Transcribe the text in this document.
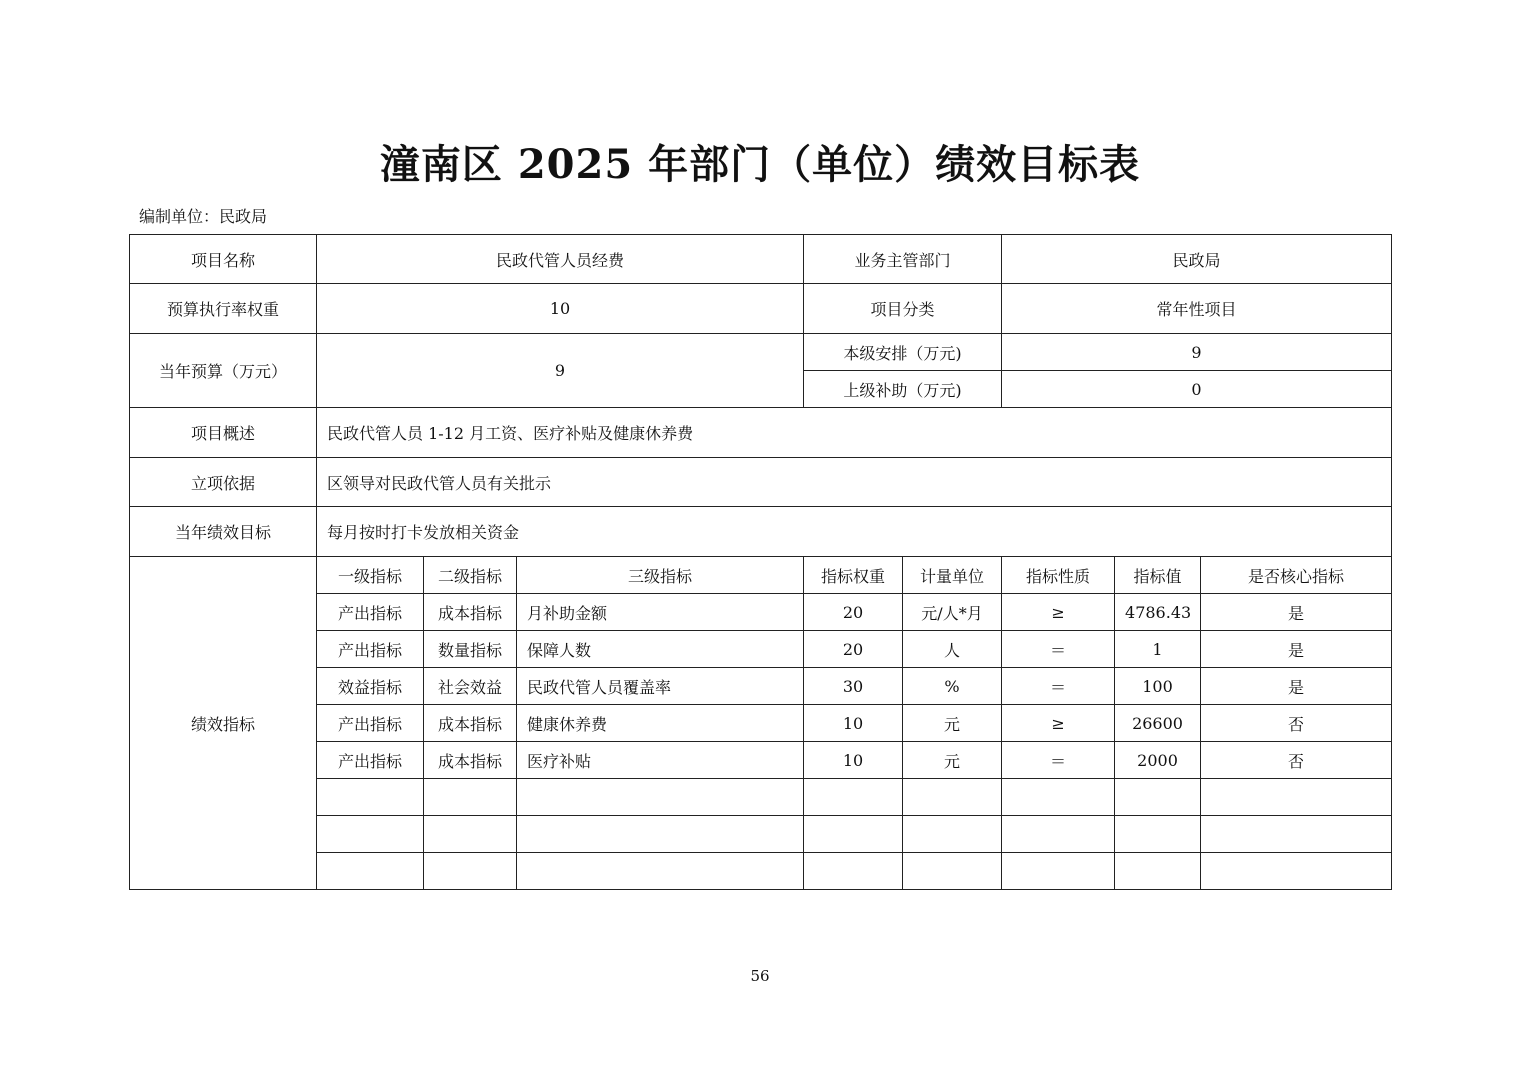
潼南区 2025 年部门（单位）绩效目标表
编制单位：民政局
项目名称	民政代管人员经费			业务主管部门		民政局		
预算执行率权重	10			项目分类		常年性项目		
当年预算（万元）	9			本级安排（万元)		9		
				上级补助（万元)		0		
项目概述	民政代管人员 1-12 月工资、医疗补贴及健康休养费							
立项依据	区领导对民政代管人员有关批示							
当年绩效目标	每月按时打卡发放相关资金							
绩效指标	一级指标	二级指标	三级指标	指标权重	计量单位	指标性质	指标值	是否核心指标
	产出指标	成本指标	月补助金额	20	元/人*月	≥	4786.43	是
	产出指标	数量指标	保障人数	20	人	＝	1	是
	效益指标	社会效益	民政代管人员覆盖率	30	%	＝	100	是
	产出指标	成本指标	健康休养费	10	元	≥	26600	否
	产出指标	成本指标	医疗补贴	10	元	＝	2000	否

56
